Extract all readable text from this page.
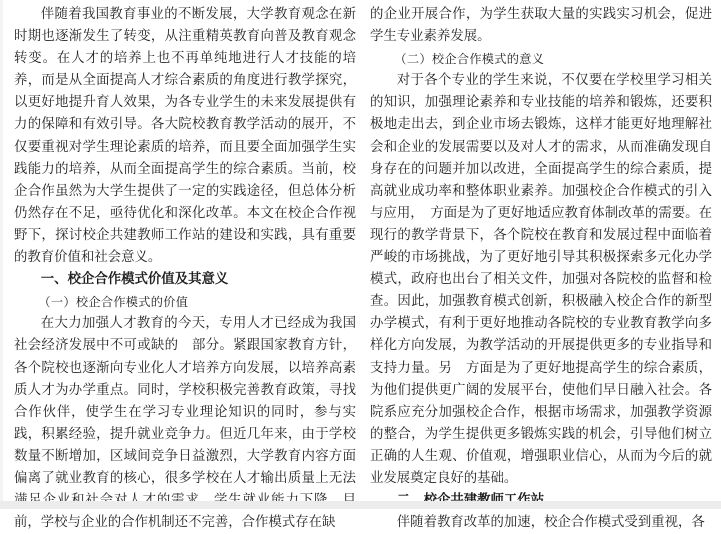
伴随着我国教育事业的不断发展，大学教育观念在新时期也逐渐发生了转变，从注重精英教育向普及教育观念转变。在人才的培养上也不再单纯地进行人才技能的培养，而是从全面提高人才综合素质的角度进行教学探究，以更好地提升育人效果，为各专业学生的未来发展提供有力的保障和有效引导。各大院校教育教学活动的展开，不仅要重视对学生理论素质的培养，而且要全面加强学生实践能力的培养，从而全面提高学生的综合素质。当前，校企合作虽然为大学生提供了一定的实践途径，但总体分析仍然存在不足，亟待优化和深化改革。本文在校企合作视野下，探讨校企共建教师工作站的建设和实践，具有重要的教育价值和社会意义。

一、校企合作模式价值及其意义

（一）校企合作模式的价值

在大力加强人才教育的今天，专用人才已经成为我国社会经济发展中不可或缺的　部分。紧跟国家教育方针，各个院校也逐渐向专业化人才培养方向发展，以培养高素质人才为办学重点。同时，学校积极完善教育政策，寻找合作伙伴，使学生在学习专业理论知识的同时，参与实践，积累经验，提升就业竞争力。但近几年来，由于学校数量不断增加，区域间竞争日益激烈，大学教育内容方面偏离了就业教育的核心，很多学校在人才输出质量上无法 前，学校与企业的合作机制还不完善，合作模式存在缺

的企业开展合作，为学生获取大量的实践实习机会，促进学生专业素养发展。

（二）校企合作模式的意义

对于各个专业的学生来说，不仅要在学校里学习相关的知识，加强理论素养和专业技能的培养和锻炼，还要积极地走出去，到企业市场去锻炼，这样才能更好地理解社会和企业的发展需要以及对人才的需求，从而准确发现自身存在的问题并加以改进，全面提高学生的综合素质，提高就业成功率和整体职业素养。加强校企合作模式的引入与应用，　方面是为了更好地适应教育体制改革的需要。在现行的教学背景下，各个院校在教育和发展过程中面临着严峻的市场挑战，为了更好地引导其积极探索多元化办学模式，政府也出台了相关文件，加强对各院校的监督和检查。因此，加强教育模式创新，积极融入校企合作的新型办学模式，有利于更好地推动各院校的专业教育教学向多样化方向发展，为教学活动的开展提供更多的专业指导和支持力量。另　方面是为了更好地提高学生的综合素质，为他们提供更广阔的发展平台，使他们早日融入社会。各院系应充分加强校企合作，根据市场需求，加强教学资源的整合，为学生提供更多锻炼实践的机会，引导他们树立正确的人生观、价值观，增强职业信心，从而为今后的就业发展奠定良好的基础。

伴随着教育改革的加速，校企合作模式受到重视，各
